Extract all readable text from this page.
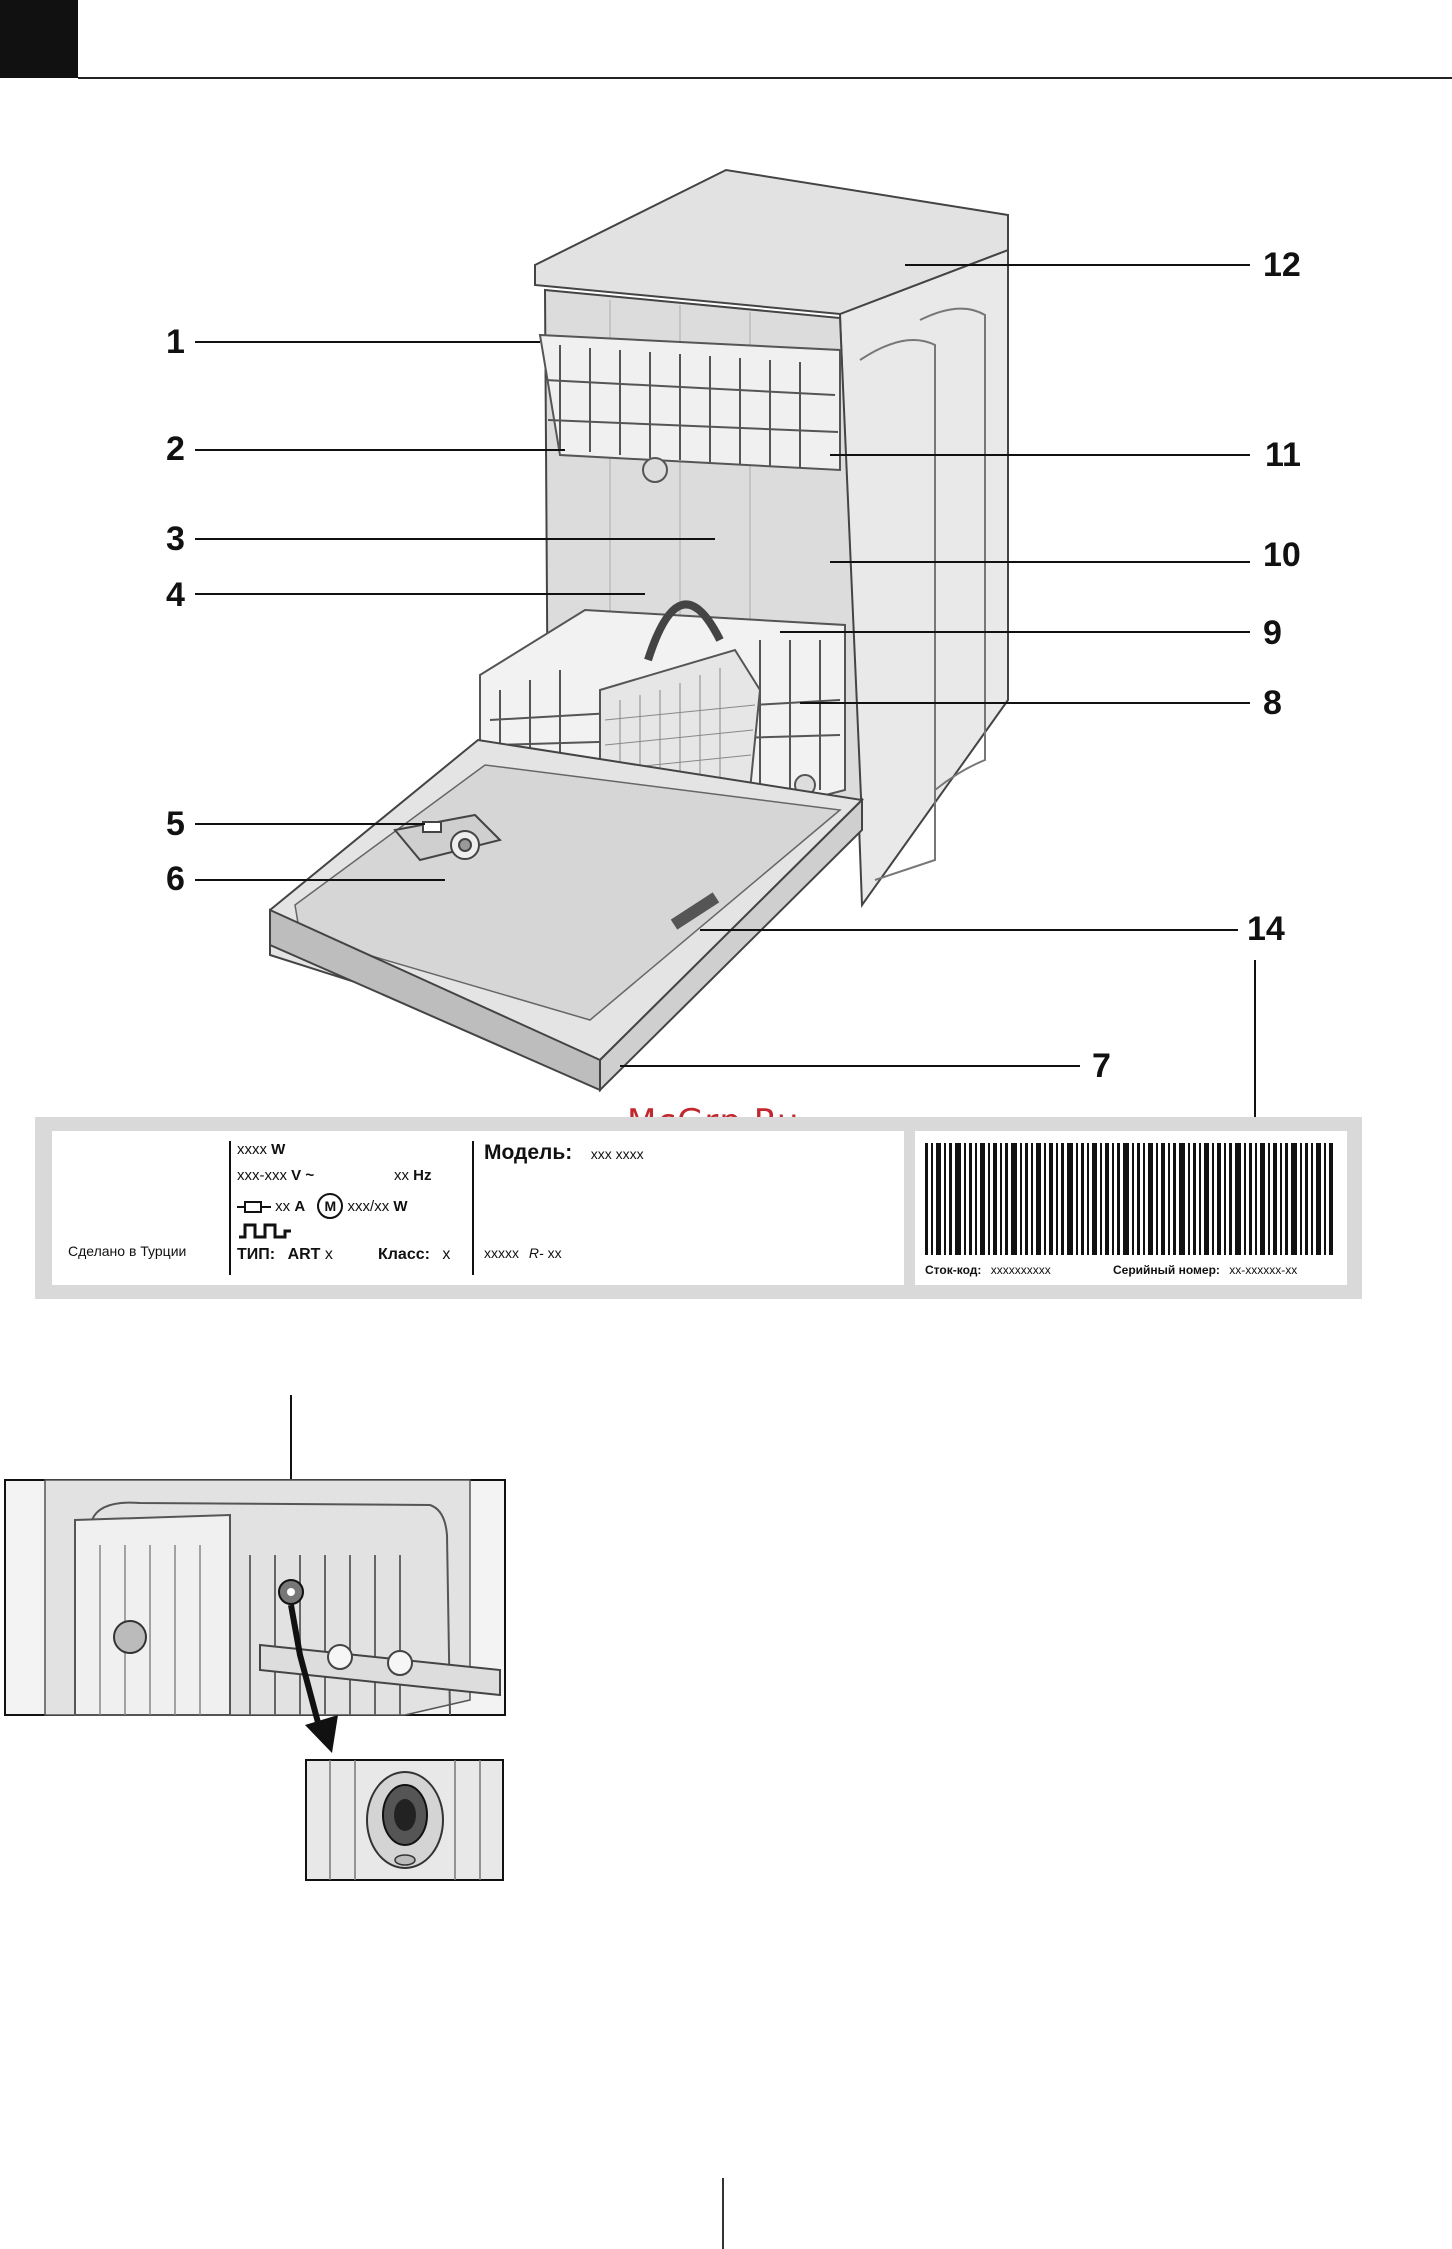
1
2
3
4
5
6
12
11
10
9
8
14
7
Сделано в Турции
xxxx W
xxx-xxx V ~	xx Hz
xx A M xxx/xx W
ТИП: ART x	Класс: x
Модель: xxx xxxx
xxxxx R- xx
Сток-код: xxxxxxxxxx	Серийный номер: xx-xxxxxx-xx
